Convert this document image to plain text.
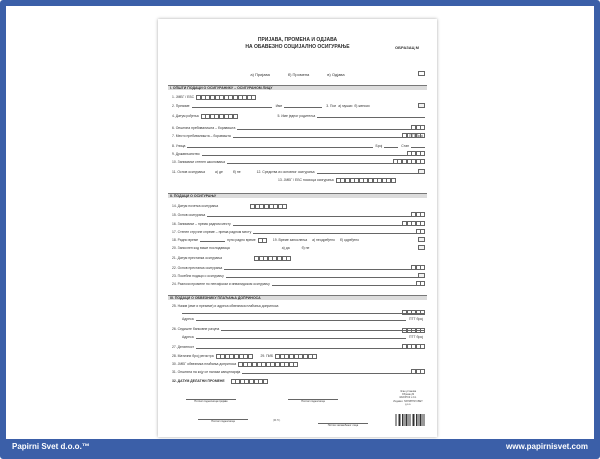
ОБРАЗАЦ М
ПРИЈАВА, ПРОМЕНА И ОДЈАВА
НА ОБАВЕЗНО СОЦИЈАЛНО ОСИГУРАЊЕ
а) Пријава	б) Промена	в) Одјава
I. ОПШТИ ПОДАЦИ О ОСИГУРАНИКУ – ОСИГУРАНОМ ЛИЦУ
1. ЈМБГ / ЕБС
2. Презиме	Име	3. Пол а) мушки б) женски
4. Датум рођења	5. Име једног родитеља
6. Општина пребивалишта – боравишта
7. Место пребивалишта – боравишта	ПТТ број
8. Улица	Број	Стан
9. Држављанство
10. Занимање степен школовања
11. Основ осигурања	а) де	б) не	12. Средства из основног осигурања
13. ЈМБГ / ЕБС носиоца осигурања
II. ПОДАЦИ О ОСИГУРАЊУ
14. Датум почетка осигурања
15. Основ осигурања
16. Занимање – према радном месту
17. Степен стручне спреме – према радном месту
18. Радно време	пуно радно време	19. Време запослења а) неодређено б) одређено
20. Запослен код више послодаваца	а) да	б) не
21. Датум престанка осигурања
22. Основ престанка осигурања
23. Посебни подаци о осигурању
24. Разлози промене по пензијском и инвалидском осигурању
III. ПОДАЦИ О ОБВЕЗНИКУ ПЛАЋАЊА ДОПРИНОСА
25. Назив (име и презиме) и адреса обвезника плаћања доприноса
Адреса	ПТТ број
26. Седиште банковне рачуна
Адреса	ПТТ број
27. Делатност
28. Матични број регистра	29. ПИБ
30. ЈМБГ обвезника плаћања доприноса
31. Општина на коју се налази канцеларија
32. ДАТУМ ДЕЛАТНИ ПРОМЕНЕ
Потпис подносиоца пријаве	Потпис подносиоца
Потпис подносиоца	(М.П.)
Потпис овлашћеног лица
Члан установа
Образац М
ЗАКОНСК и Сл.
Издавач: ПАПИРНИ СВЕТ д.о.о.
Papirni Svet d.o.o.™	www.papirnisvet.com
